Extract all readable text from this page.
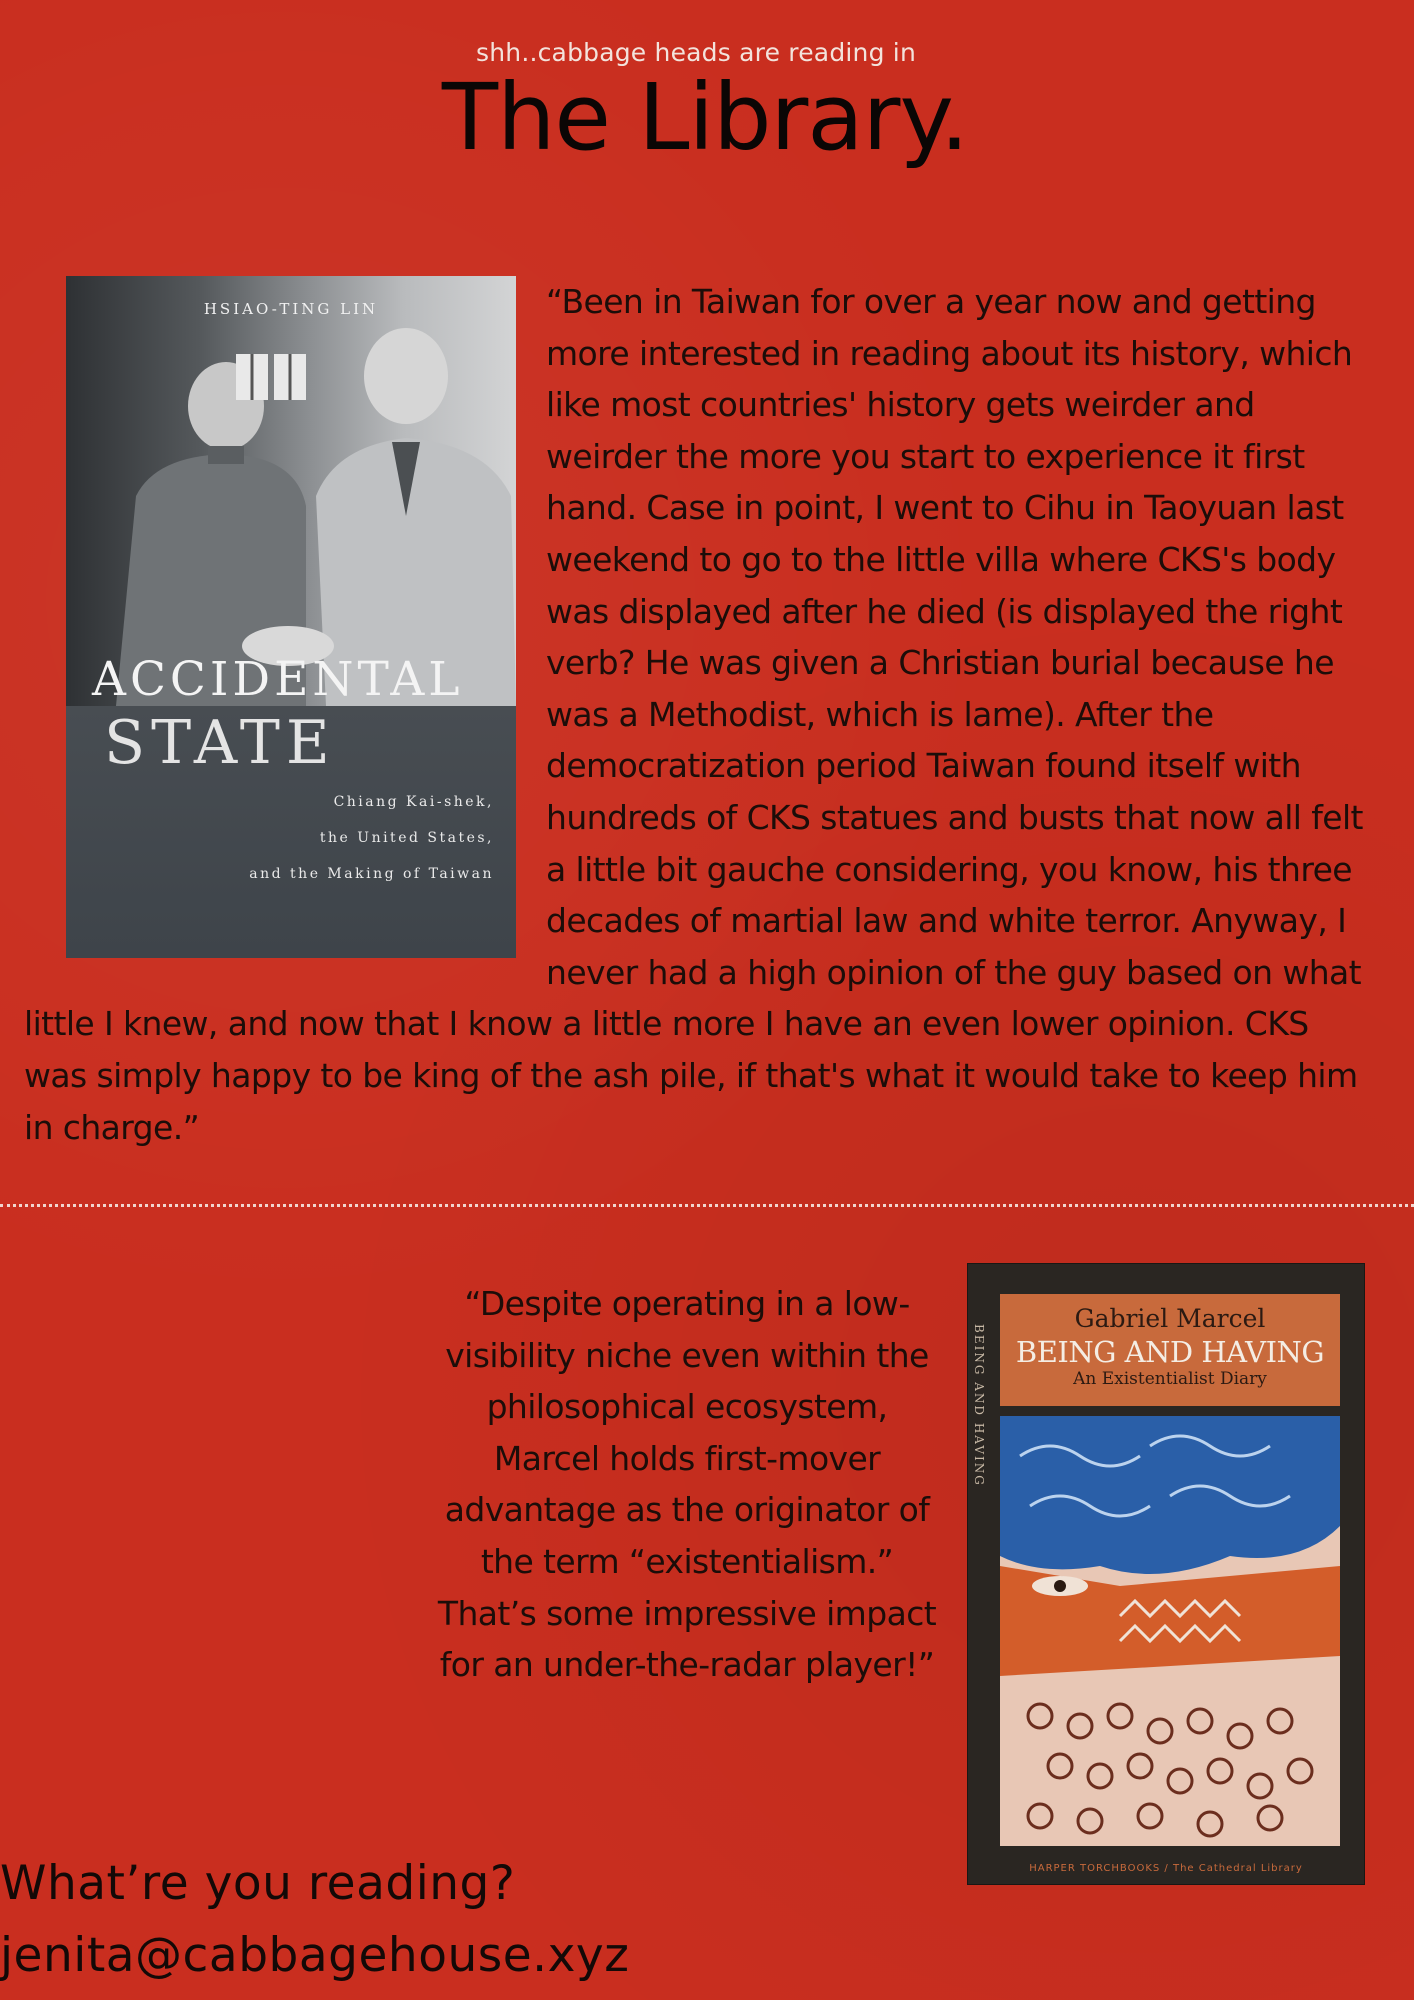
shh..cabbage heads are reading in
The Library.
HSIAO-TING LIN
ACCIDENTAL
STATE
Chiang Kai-shek,
the United States,
and the Making of Taiwan

“Been in Taiwan for over a year now and getting more interested in reading about its history, which like most countries' history gets weirder and weirder the more you start to experience it first hand. Case in point, I went to Cihu in Taoyuan last weekend to go to the little villa where CKS's body was displayed after he died (is displayed the right verb? He was given a Christian burial because he was a Methodist, which is lame). After the democratization period Taiwan found itself with hundreds of CKS statues and busts that now all felt a little bit gauche considering, you know, his three decades of martial law and white terror. Anyway, I never had a high opinion of the guy based on what little I knew, and now that I know a little more I have an even lower opinion. CKS was simply happy to be king of the ash pile, if that's what it would take to keep him in charge.”

“Despite operating in a low-visibility niche even within the philosophical ecosystem, Marcel holds first-mover advantage as the originator of the term “existentialism.” That’s some impressive impact for an under-the-radar player!”

BEING AND HAVING
Gabriel Marcel
BEING AND HAVING
An Existentialist Diary
HARPER TORCHBOOKS / The Cathedral Library
What’re you reading?
jenita@cabbagehouse.xyz
